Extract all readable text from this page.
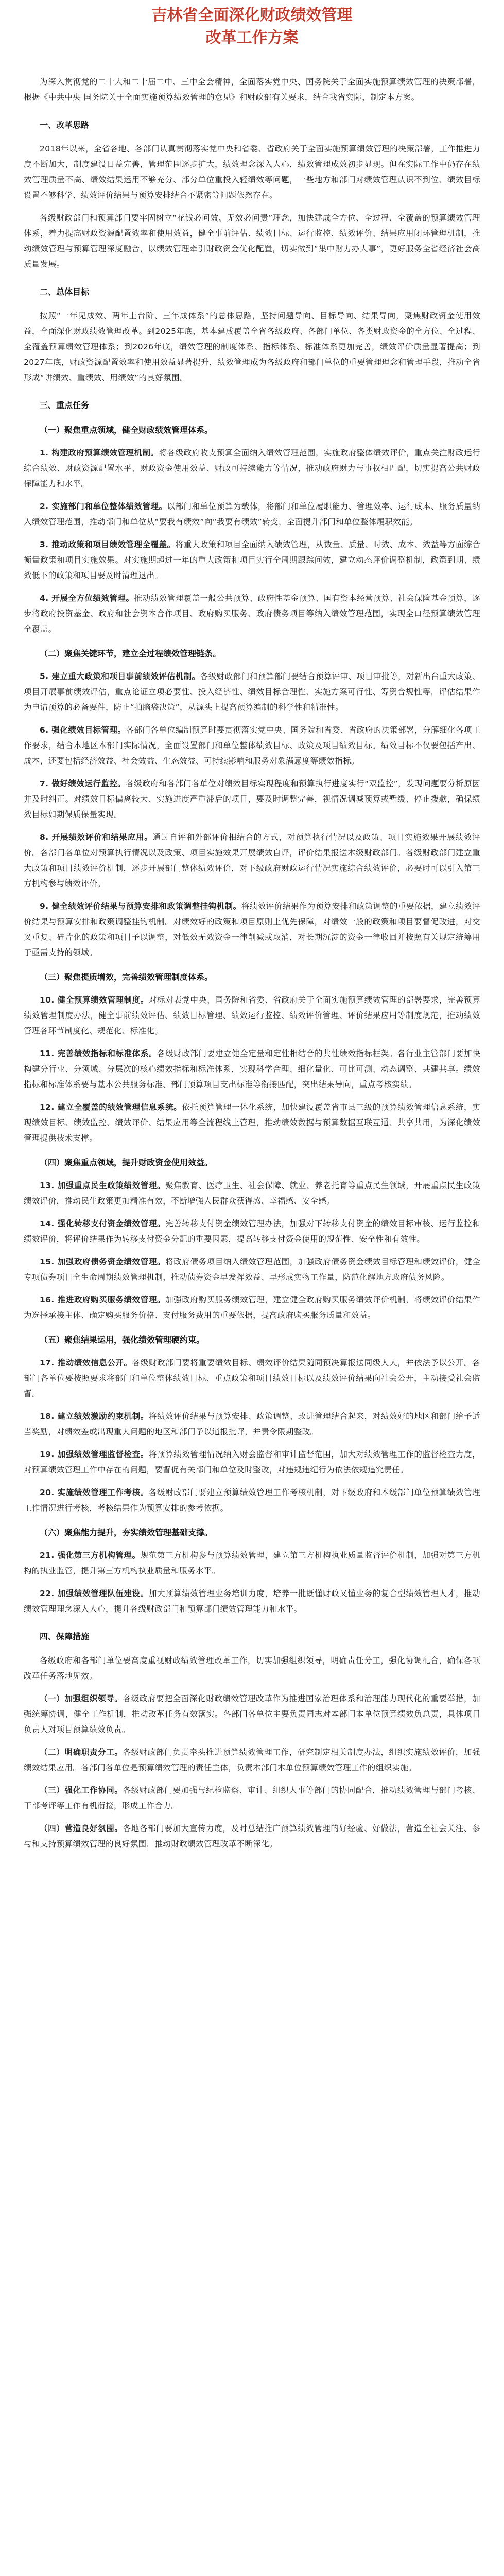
吉林省全面深化财政绩效管理
改革工作方案

为深入贯彻党的二十大和二十届二中、三中全会精神，全面落实党中央、国务院关于全面实施预算绩效管理的决策部署，根据《中共中央 国务院关于全面实施预算绩效管理的意见》和财政部有关要求，结合我省实际，制定本方案。

一、改革思路

2018年以来，全省各地、各部门认真贯彻落实党中央和省委、省政府关于全面实施预算绩效管理的决策部署，工作推进力度不断加大，制度建设日益完善，管理范围逐步扩大，绩效理念深入人心，绩效管理成效初步显现。但在实际工作中仍存在绩效管理质量不高、绩效结果运用不够充分、部分单位重投入轻绩效等问题，一些地方和部门对绩效管理认识不到位、绩效目标设置不够科学、绩效评价结果与预算安排结合不紧密等问题依然存在。

各级财政部门和预算部门要牢固树立“花钱必问效、无效必问责”理念，加快建成全方位、全过程、全覆盖的预算绩效管理体系，着力提高财政资源配置效率和使用效益，健全事前评估、绩效目标、运行监控、绩效评价、结果应用闭环管理机制，推动绩效管理与预算管理深度融合，以绩效管理牵引财政资金优化配置，切实做到“集中财力办大事”，更好服务全省经济社会高质量发展。

二、总体目标

按照“一年见成效、两年上台阶、三年成体系”的总体思路，坚持问题导向、目标导向、结果导向，聚焦财政资金使用效益，全面深化财政绩效管理改革。到2025年底，基本建成覆盖全省各级政府、各部门单位、各类财政资金的全方位、全过程、全覆盖预算绩效管理体系；到2026年底，绩效管理的制度体系、指标体系、标准体系更加完善，绩效评价质量显著提高；到2027年底，财政资源配置效率和使用效益显著提升，绩效管理成为各级政府和部门单位的重要管理理念和管理手段，推动全省形成“讲绩效、重绩效、用绩效”的良好氛围。

三、重点任务
（一）聚焦重点领域，健全财政绩效管理体系。

1. 构建政府预算绩效管理机制。将各级政府收支预算全面纳入绩效管理范围，实施政府整体绩效评价，重点关注财政运行综合绩效、财政资源配置水平、财政资金使用效益、财政可持续能力等情况，推动政府财力与事权相匹配，切实提高公共财政保障能力和水平。

2. 实施部门和单位整体绩效管理。以部门和单位预算为载体，将部门和单位履职能力、管理效率、运行成本、服务质量纳入绩效管理范围，推动部门和单位从“要我有绩效”向“我要有绩效”转变，全面提升部门和单位整体履职效能。

3. 推动政策和项目绩效管理全覆盖。将重大政策和项目全面纳入绩效管理，从数量、质量、时效、成本、效益等方面综合衡量政策和项目实施效果。对实施期超过一年的重大政策和项目实行全周期跟踪问效，建立动态评价调整机制，政策到期、绩效低下的政策和项目要及时清理退出。

4. 开展全方位绩效管理。推动绩效管理覆盖一般公共预算、政府性基金预算、国有资本经营预算、社会保险基金预算，逐步将政府投资基金、政府和社会资本合作项目、政府购买服务、政府债务项目等纳入绩效管理范围，实现全口径预算绩效管理全覆盖。

（二）聚焦关键环节，建立全过程绩效管理链条。

5. 建立重大政策和项目事前绩效评估机制。各级财政部门和预算部门要结合预算评审、项目审批等，对新出台重大政策、项目开展事前绩效评估，重点论证立项必要性、投入经济性、绩效目标合理性、实施方案可行性、筹资合规性等，评估结果作为申请预算的必备要件，防止“拍脑袋决策”，从源头上提高预算编制的科学性和精准性。

6. 强化绩效目标管理。各部门各单位编制预算时要贯彻落实党中央、国务院和省委、省政府的决策部署，分解细化各项工作要求，结合本地区本部门实际情况，全面设置部门和单位整体绩效目标、政策及项目绩效目标。绩效目标不仅要包括产出、成本，还要包括经济效益、社会效益、生态效益、可持续影响和服务对象满意度等绩效指标。

7. 做好绩效运行监控。各级政府和各部门各单位对绩效目标实现程度和预算执行进度实行“双监控”，发现问题要分析原因并及时纠正。对绩效目标偏离较大、实施进度严重滞后的项目，要及时调整完善，视情况调减预算或暂缓、停止拨款，确保绩效目标如期保质保量实现。

8. 开展绩效评价和结果应用。通过自评和外部评价相结合的方式，对预算执行情况以及政策、项目实施效果开展绩效评价。各部门各单位对预算执行情况以及政策、项目实施效果开展绩效自评，评价结果报送本级财政部门。各级财政部门建立重大政策和项目绩效评价机制，逐步开展部门整体绩效评价，对下级政府财政运行情况实施综合绩效评价，必要时可以引入第三方机构参与绩效评价。

9. 健全绩效评价结果与预算安排和政策调整挂钩机制。将绩效评价结果作为预算安排和政策调整的重要依据，建立绩效评价结果与预算安排和政策调整挂钩机制。对绩效好的政策和项目原则上优先保障，对绩效一般的政策和项目要督促改进，对交叉重复、碎片化的政策和项目予以调整，对低效无效资金一律削减或取消，对长期沉淀的资金一律收回并按照有关规定统筹用于亟需支持的领域。

（三）聚焦提质增效，完善绩效管理制度体系。

10. 健全预算绩效管理制度。对标对表党中央、国务院和省委、省政府关于全面实施预算绩效管理的部署要求，完善预算绩效管理制度办法，健全事前绩效评估、绩效目标管理、绩效运行监控、绩效评价管理、评价结果应用等制度规范，推动绩效管理各环节制度化、规范化、标准化。

11. 完善绩效指标和标准体系。各级财政部门要建立健全定量和定性相结合的共性绩效指标框架。各行业主管部门要加快构建分行业、分领域、分层次的核心绩效指标和标准体系，实现科学合理、细化量化、可比可测、动态调整、共建共享。绩效指标和标准体系要与基本公共服务标准、部门预算项目支出标准等衔接匹配，突出结果导向，重点考核实绩。

12. 建立全覆盖的绩效管理信息系统。依托预算管理一体化系统，加快建设覆盖省市县三级的预算绩效管理信息系统，实现绩效目标、绩效监控、绩效评价、结果应用等全流程线上管理，推动绩效数据与预算数据互联互通、共享共用，为深化绩效管理提供技术支撑。

（四）聚焦重点领域，提升财政资金使用效益。

13. 加强重点民生政策绩效管理。聚焦教育、医疗卫生、社会保障、就业、养老托育等重点民生领域，开展重点民生政策绩效评价，推动民生政策更加精准有效，不断增强人民群众获得感、幸福感、安全感。

14. 强化转移支付资金绩效管理。完善转移支付资金绩效管理办法，加强对下转移支付资金的绩效目标审核、运行监控和绩效评价，将评价结果作为转移支付资金分配的重要因素，提高转移支付资金使用的规范性、安全性和有效性。

15. 加强政府债务资金绩效管理。将政府债务项目纳入绩效管理范围，加强政府债务资金绩效目标管理和绩效评价，健全专项债券项目全生命周期绩效管理机制，推动债券资金早发挥效益、早形成实物工作量，防范化解地方政府债务风险。

16. 推进政府购买服务绩效管理。加强政府购买服务绩效管理，建立健全政府购买服务绩效评价机制，将绩效评价结果作为选择承接主体、确定购买服务价格、支付服务费用的重要依据，提高政府购买服务质量和效益。

（五）聚焦结果运用，强化绩效管理硬约束。

17. 推动绩效信息公开。各级财政部门要将重要绩效目标、绩效评价结果随同预决算报送同级人大，并依法予以公开。各部门各单位要按照要求将部门和单位整体绩效目标、重点政策和项目绩效目标以及绩效评价结果向社会公开，主动接受社会监督。

18. 建立绩效激励约束机制。将绩效评价结果与预算安排、政策调整、改进管理结合起来，对绩效好的地区和部门给予适当奖励，对绩效差或出现重大问题的地区和部门予以通报批评，并责令限期整改。

19. 加强绩效管理监督检查。将预算绩效管理情况纳入财会监督和审计监督范围，加大对绩效管理工作的监督检查力度，对预算绩效管理工作中存在的问题，要督促有关部门和单位及时整改，对违规违纪行为依法依规追究责任。

20. 实施绩效管理工作考核。各级财政部门要建立预算绩效管理工作考核机制，对下级政府和本级部门单位预算绩效管理工作情况进行考核，考核结果作为预算安排的参考依据。

（六）聚焦能力提升，夯实绩效管理基础支撑。

21. 强化第三方机构管理。规范第三方机构参与预算绩效管理，建立第三方机构执业质量监督评价机制，加强对第三方机构的执业监管，提升第三方机构执业质量和服务水平。

22. 加强绩效管理队伍建设。加大预算绩效管理业务培训力度，培养一批既懂财政又懂业务的复合型绩效管理人才，推动绩效管理理念深入人心，提升各级财政部门和预算部门绩效管理能力和水平。

四、保障措施

各级政府和各部门单位要高度重视财政绩效管理改革工作，切实加强组织领导，明确责任分工，强化协调配合，确保各项改革任务落地见效。

（一）加强组织领导。各级政府要把全面深化财政绩效管理改革作为推进国家治理体系和治理能力现代化的重要举措，加强统筹协调，健全工作机制，推动改革任务有效落实。各部门各单位主要负责同志对本部门本单位预算绩效负总责，具体项目负责人对项目预算绩效负责。

（二）明确职责分工。各级财政部门负责牵头推进预算绩效管理工作，研究制定相关制度办法，组织实施绩效评价，加强绩效结果应用。各部门各单位是预算绩效管理的责任主体，负责本部门本单位预算绩效管理工作的组织实施。

（三）强化工作协同。各级财政部门要加强与纪检监察、审计、组织人事等部门的协同配合，推动绩效管理与部门考核、干部考评等工作有机衔接，形成工作合力。

（四）营造良好氛围。各地各部门要加大宣传力度，及时总结推广预算绩效管理的好经验、好做法，营造全社会关注、参与和支持预算绩效管理的良好氛围，推动财政绩效管理改革不断深化。
